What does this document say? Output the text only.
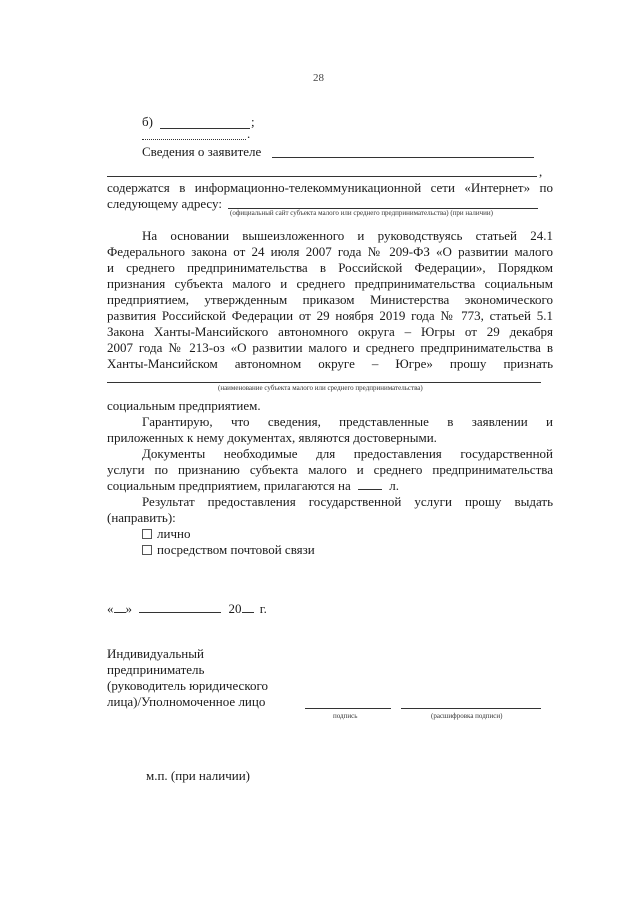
28
б)	;
.
Сведения о заявителе
,
содержатся в информационно-телекоммуникационной сети «Интернет» по
следующему адресу:
(официальный сайт субъекта малого или среднего предпринимательства) (при наличии)
На основании вышеизложенного и руководствуясь статьей 24.1
Федерального закона от 24 июля 2007 года № 209-ФЗ «О развитии малого
и среднего предпринимательства в Российской Федерации», Порядком
признания субъекта малого и среднего предпринимательства социальным
предприятием, утвержденным приказом Министерства экономического
развития Российской Федерации от 29 ноября 2019 года № 773, статьей 5.1
Закона Ханты-Мансийского автономного округа – Югры от 29 декабря
2007 года № 213-оз «О развитии малого и среднего предпринимательства в
Ханты-Мансийском автономном округе – Югре» прошу признать
(наименование субъекта малого или среднего предпринимательства)
социальным предприятием.
Гарантирую, что сведения, представленные в заявлении и
приложенных к нему документах, являются достоверными.
Документы необходимые для предоставления государственной
услуги по признанию субъекта малого и среднего предпринимательства
социальным предприятием, прилагаются на	л.
Результат предоставления государственной услуги прошу выдать
(направить):
лично
посредством почтовой связи
« »	20 г.
Индивидуальный
предприниматель
(руководитель юридического
лица)/Уполномоченное лицо
подпись	(расшифровка подписи)
м.п. (при наличии)
